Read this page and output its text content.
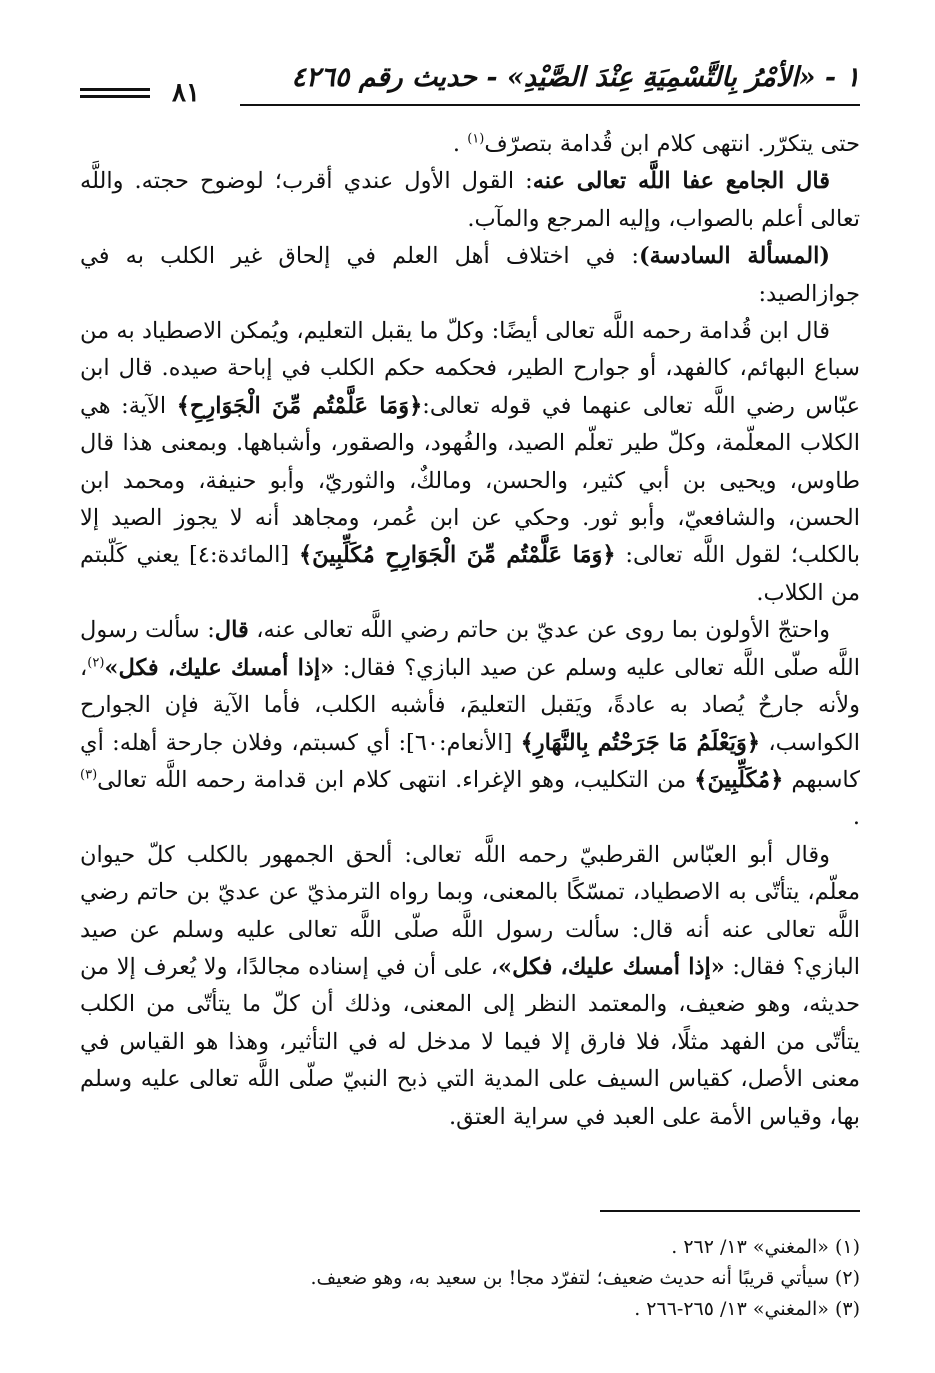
١ - «الأمْرُ بِالتَّسْمِيَةِ عِنْدَ الصَّيْدِ» - حديث رقم ٤٢٦٥
٨١

حتى يتكرّر. انتهى كلام ابن قُدامة بتصرّف$^{(١)}$ .

قال الجامع عفا اللَّه تعالى عنه: القول الأول عندي أقرب؛ لوضوح حجته. واللَّه تعالى أعلم بالصواب، وإليه المرجع والمآب.

(المسألة السادسة): في اختلاف أهل العلم في إلحاق غير الكلب به في جوازالصيد:

قال ابن قُدامة رحمه اللَّه تعالى أيضًا: وكلّ ما يقبل التعليم، ويُمكن الاصطياد به من سباع البهائم، كالفهد، أو جوارح الطير، فحكمه حكم الكلب في إباحة صيده. قال ابن عبّاس رضي اللَّه تعالى عنهما في قوله تعالى:﴿وَمَا عَلَّمْتُم مِّنَ الْجَوَارِحِ﴾ الآية: هي الكلاب المعلّمة، وكلّ طير تعلّم الصيد، والفُهود، والصقور، وأشباهها. وبمعنى هذا قال طاوس، ويحيى بن أبي كثير، والحسن، ومالكٌ، والثوريّ، وأبو حنيفة، ومحمد ابن الحسن، والشافعيّ، وأبو ثور. وحكي عن ابن عُمر، ومجاهد أنه لا يجوز الصيد إلا بالكلب؛ لقول اللَّه تعالى: ﴿وَمَا عَلَّمْتُم مِّنَ الْجَوَارِحِ مُكَلِّبِينَ﴾ [المائدة:٤] يعني كَلّبتم من الكلاب.

واحتجّ الأولون بما روى عن عديّ بن حاتم رضي اللَّه تعالى عنه، قال: سألت رسول اللَّه صلّى اللَّه تعالى عليه وسلم عن صيد البازي؟ فقال: «إذا أمسك عليك، فكل»$^{(٢)}$، ولأنه جارحٌ يُصاد به عادةً، ويَقبل التعليمَ، فأشبه الكلب، فأما الآية فإن الجوارح الكواسب، ﴿وَيَعْلَمُ مَا جَرَحْتُم بِالنَّهَارِ﴾ [الأنعام:٦٠]: أي كسبتم، وفلان جارحة أهله: أي كاسبهم ﴿مُكَلِّبِينَ﴾ من التكليب، وهو الإغراء. انتهى كلام ابن قدامة رحمه اللَّه تعالى$^{(٣)}$ .

وقال أبو العبّاس القرطبيّ رحمه اللَّه تعالى: ألحق الجمهور بالكلب كلّ حيوان معلّم، يتأتّى به الاصطياد، تمسّكًا بالمعنى، وبما رواه الترمذيّ عن عديّ بن حاتم رضي اللَّه تعالى عنه أنه قال: سألت رسول اللَّه صلّى اللَّه تعالى عليه وسلم عن صيد البازي؟ فقال: «إذا أمسك عليك، فكل»، على أن في إسناده مجالدًا، ولا يُعرف إلا من حديثه، وهو ضعيف، والمعتمد النظر إلى المعنى، وذلك أن كلّ ما يتأتّى من الكلب يتأتّى من الفهد مثلًا، فلا فارق إلا فيما لا مدخل له في التأثير، وهذا هو القياس في معنى الأصل، كقياس السيف على المدية التي ذبح النبيّ صلّى اللَّه تعالى عليه وسلم بها، وقياس الأمة على العبد في سراية العتق.

(١) «المغني» ١٣/ ٢٦٢ .

(٢) سيأتي قريبًا أنه حديث ضعيف؛ لتفرّد مجا! بن سعيد به، وهو ضعيف.

(٣) «المغني» ١٣/ ٢٦٥-٢٦٦ .
